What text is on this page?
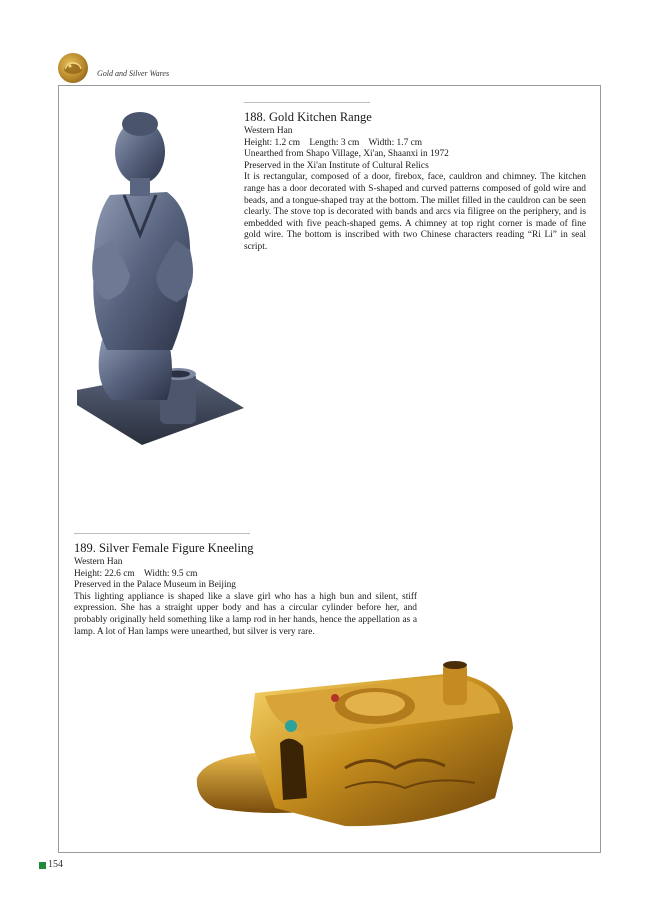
Gold and Silver Wares
188. Gold Kitchen Range
Western Han
Height: 1.2 cm    Length: 3 cm    Width: 1.7 cm
Unearthed from Shapo Village, Xi'an, Shaanxi in 1972
Preserved in the Xi'an Institute of Cultural Relics
It is rectangular, composed of a door, firebox, face, cauldron and chimney. The kitchen range has a door decorated with S-shaped and curved patterns composed of gold wire and beads, and a tongue-shaped tray at the bottom. The millet filled in the cauldron can be seen clearly. The stove top is decorated with bands and arcs via filigree on the periphery, and is embedded with five peach-shaped gems. A chimney at top right corner is made of fine gold wire. The bottom is inscribed with two Chinese characters reading “Ri Li” in seal script.
189. Silver Female Figure Kneeling
Western Han
Height: 22.6 cm    Width: 9.5 cm
Preserved in the Palace Museum in Beijing
This lighting appliance is shaped like a slave girl who has a high bun and silent, stiff expression. She has a straight upper body and has a circular cylinder before her, and probably originally held something like a lamp rod in her hands, hence the appellation as a lamp. A lot of Han lamps were unearthed, but silver is very rare.
154
